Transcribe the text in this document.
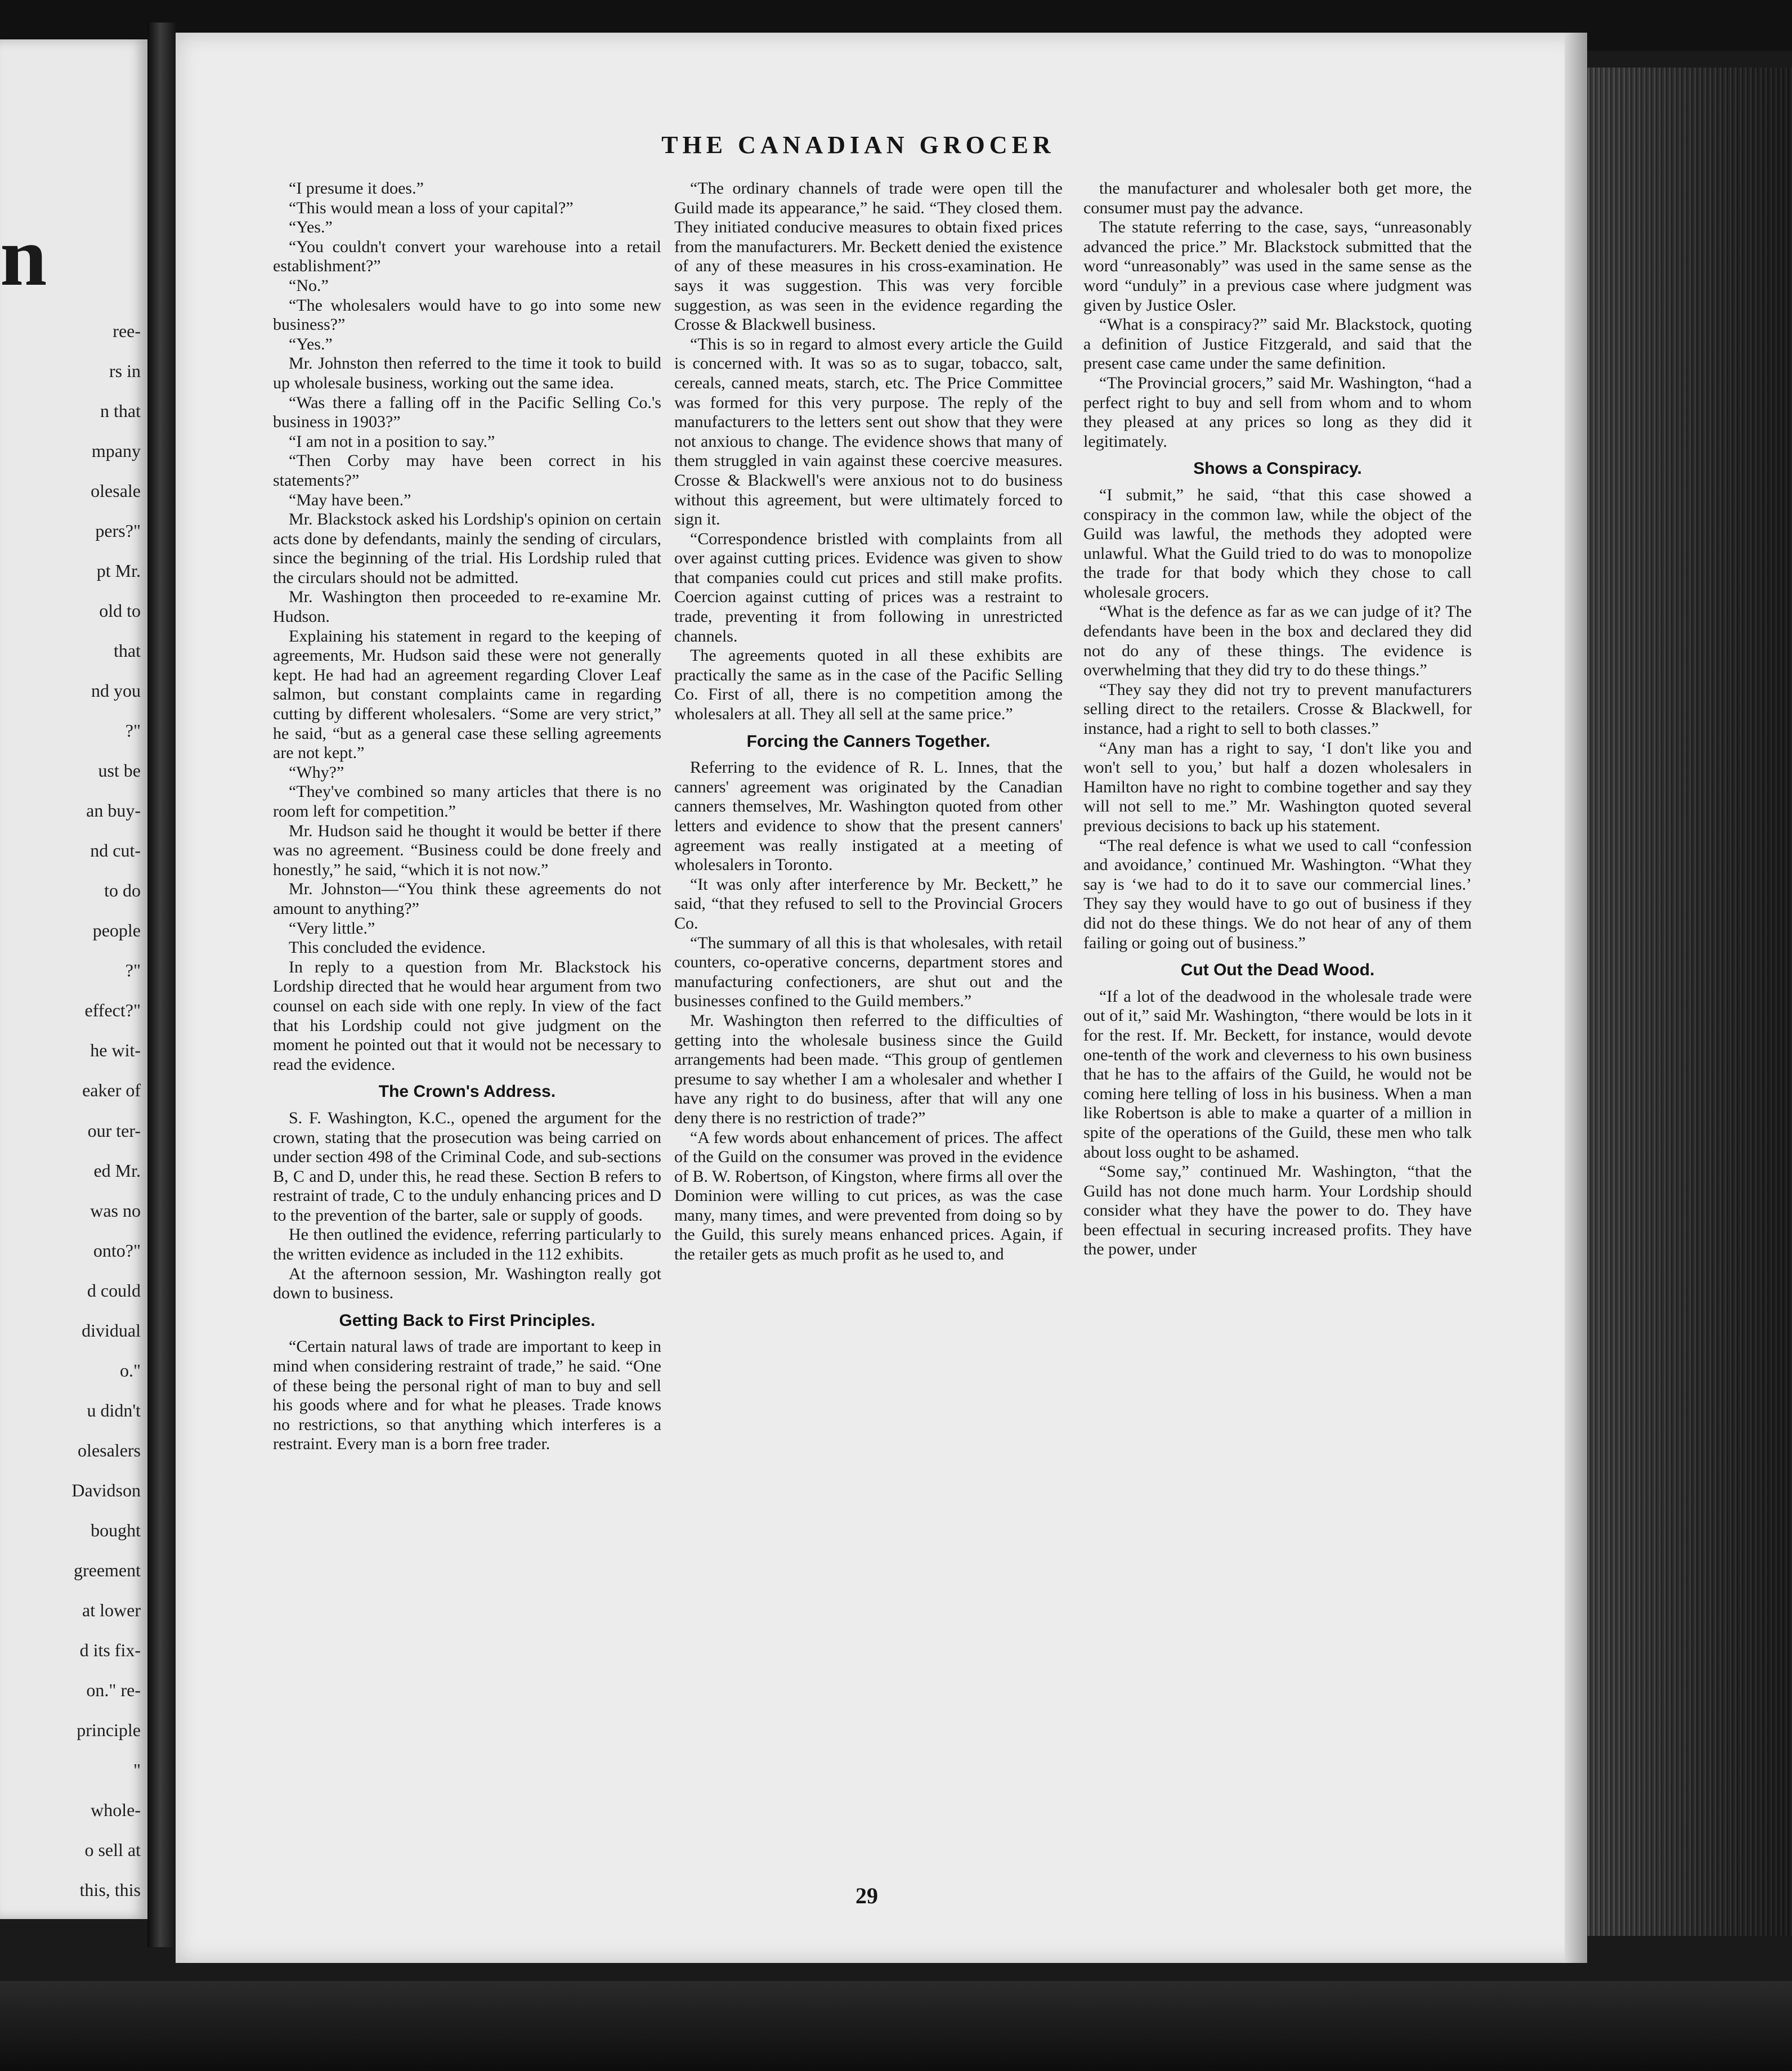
n
ree-
rs in
n that
mpany
olesale
pers?"
pt Mr.
old to
that
nd you
?"
ust be
an buy-
nd cut-
to do
people
?"
effect?"
he wit-
eaker of
our ter-
ed Mr.
was no
onto?"
d could
dividual
o."
u didn't
olesalers
Davidson
bought
greement
at lower
d its fix-
on." re-
principle
"
whole-
o sell at
this, this
THE CANADIAN GROCER

“I presume it does.”

“This would mean a loss of your capital?”

“Yes.”

“You couldn't convert your warehouse into a retail establishment?”

“No.”

“The wholesalers would have to go into some new business?”

“Yes.”

Mr. Johnston then referred to the time it took to build up wholesale business, working out the same idea.

“Was there a falling off in the Pacific Selling Co.'s business in 1903?”

“I am not in a position to say.”

“Then Corby may have been correct in his statements?”

“May have been.”

Mr. Blackstock asked his Lordship's opinion on certain acts done by defendants, mainly the sending of circulars, since the beginning of the trial. His Lordship ruled that the circulars should not be admitted.

Mr. Washington then proceeded to re-examine Mr. Hudson.

Explaining his statement in regard to the keeping of agreements, Mr. Hudson said these were not generally kept. He had had an agreement regarding Clover Leaf salmon, but constant complaints came in regarding cutting by different wholesalers. “Some are very strict,” he said, “but as a general case these selling agreements are not kept.”

“Why?”

“They've combined so many articles that there is no room left for competition.”

Mr. Hudson said he thought it would be better if there was no agreement. “Business could be done freely and honestly,” he said, “which it is not now.”

Mr. Johnston—“You think these agreements do not amount to anything?”

“Very little.”

This concluded the evidence.

In reply to a question from Mr. Blackstock his Lordship directed that he would hear argument from two counsel on each side with one reply. In view of the fact that his Lordship could not give judgment on the moment he pointed out that it would not be necessary to read the evidence.

The Crown's Address.

S. F. Washington, K.C., opened the argument for the crown, stating that the prosecution was being carried on under section 498 of the Criminal Code, and sub-sections B, C and D, under this, he read these. Section B refers to restraint of trade, C to the unduly enhancing prices and D to the prevention of the barter, sale or supply of goods.

He then outlined the evidence, referring particularly to the written evidence as included in the 112 exhibits.

At the afternoon session, Mr. Washington really got down to business.

Getting Back to First Principles.

“Certain natural laws of trade are important to keep in mind when considering restraint of trade,” he said. “One of these being the personal right of man to buy and sell his goods where and for what he pleases. Trade knows no restrictions, so that anything which interferes is a restraint. Every man is a born free trader.

“The ordinary channels of trade were open till the Guild made its appearance,” he said. “They closed them. They initiated conducive measures to obtain fixed prices from the manufacturers. Mr. Beckett denied the existence of any of these measures in his cross-examination. He says it was suggestion. This was very forcible suggestion, as was seen in the evidence regarding the Crosse & Blackwell business.

“This is so in regard to almost every article the Guild is concerned with. It was so as to sugar, tobacco, salt, cereals, canned meats, starch, etc. The Price Committee was formed for this very purpose. The reply of the manufacturers to the letters sent out show that they were not anxious to change. The evidence shows that many of them struggled in vain against these coercive measures. Crosse & Blackwell's were anxious not to do business without this agreement, but were ultimately forced to sign it.

“Correspondence bristled with complaints from all over against cutting prices. Evidence was given to show that companies could cut prices and still make profits. Coercion against cutting of prices was a restraint to trade, preventing it from following in unrestricted channels.

The agreements quoted in all these exhibits are practically the same as in the case of the Pacific Selling Co. First of all, there is no competition among the wholesalers at all. They all sell at the same price.”

Forcing the Canners Together.

Referring to the evidence of R. L. Innes, that the canners' agreement was originated by the Canadian canners themselves, Mr. Washington quoted from other letters and evidence to show that the present canners' agreement was really instigated at a meeting of wholesalers in Toronto.

“It was only after interference by Mr. Beckett,” he said, “that they refused to sell to the Provincial Grocers Co.

“The summary of all this is that wholesales, with retail counters, co-operative concerns, department stores and manufacturing confectioners, are shut out and the businesses confined to the Guild members.”

Mr. Washington then referred to the difficulties of getting into the wholesale business since the Guild arrangements had been made. “This group of gentlemen presume to say whether I am a wholesaler and whether I have any right to do business, after that will any one deny there is no restriction of trade?”

“A few words about enhancement of prices. The affect of the Guild on the consumer was proved in the evidence of B. W. Robertson, of Kingston, where firms all over the Dominion were willing to cut prices, as was the case many, many times, and were prevented from doing so by the Guild, this surely means enhanced prices. Again, if the retailer gets as much profit as he used to, and

the manufacturer and wholesaler both get more, the consumer must pay the advance.

The statute referring to the case, says, “unreasonably advanced the price.” Mr. Blackstock submitted that the word “unreasonably” was used in the same sense as the word “unduly” in a previous case where judgment was given by Justice Osler.

“What is a conspiracy?” said Mr. Blackstock, quoting a definition of Justice Fitzgerald, and said that the present case came under the same definition.

“The Provincial grocers,” said Mr. Washington, “had a perfect right to buy and sell from whom and to whom they pleased at any prices so long as they did it legitimately.

Shows a Conspiracy.

“I submit,” he said, “that this case showed a conspiracy in the common law, while the object of the Guild was lawful, the methods they adopted were unlawful. What the Guild tried to do was to monopolize the trade for that body which they chose to call wholesale grocers.

“What is the defence as far as we can judge of it? The defendants have been in the box and declared they did not do any of these things. The evidence is overwhelming that they did try to do these things.”

“They say they did not try to prevent manufacturers selling direct to the retailers. Crosse & Blackwell, for instance, had a right to sell to both classes.”

“Any man has a right to say, ‘I don't like you and won't sell to you,’ but half a dozen wholesalers in Hamilton have no right to combine together and say they will not sell to me.” Mr. Washington quoted several previous decisions to back up his statement.

“The real defence is what we used to call “confession and avoidance,’ continued Mr. Washington. “What they say is ‘we had to do it to save our commercial lines.’ They say they would have to go out of business if they did not do these things. We do not hear of any of them failing or going out of business.”

Cut Out the Dead Wood.

“If a lot of the deadwood in the wholesale trade were out of it,” said Mr. Washington, “there would be lots in it for the rest. If. Mr. Beckett, for instance, would devote one-tenth of the work and cleverness to his own business that he has to the affairs of the Guild, he would not be coming here telling of loss in his business. When a man like Robertson is able to make a quarter of a million in spite of the operations of the Guild, these men who talk about loss ought to be ashamed.

“Some say,” continued Mr. Washington, “that the Guild has not done much harm. Your Lordship should consider what they have the power to do. They have been effectual in securing increased profits. They have the power, under

29
